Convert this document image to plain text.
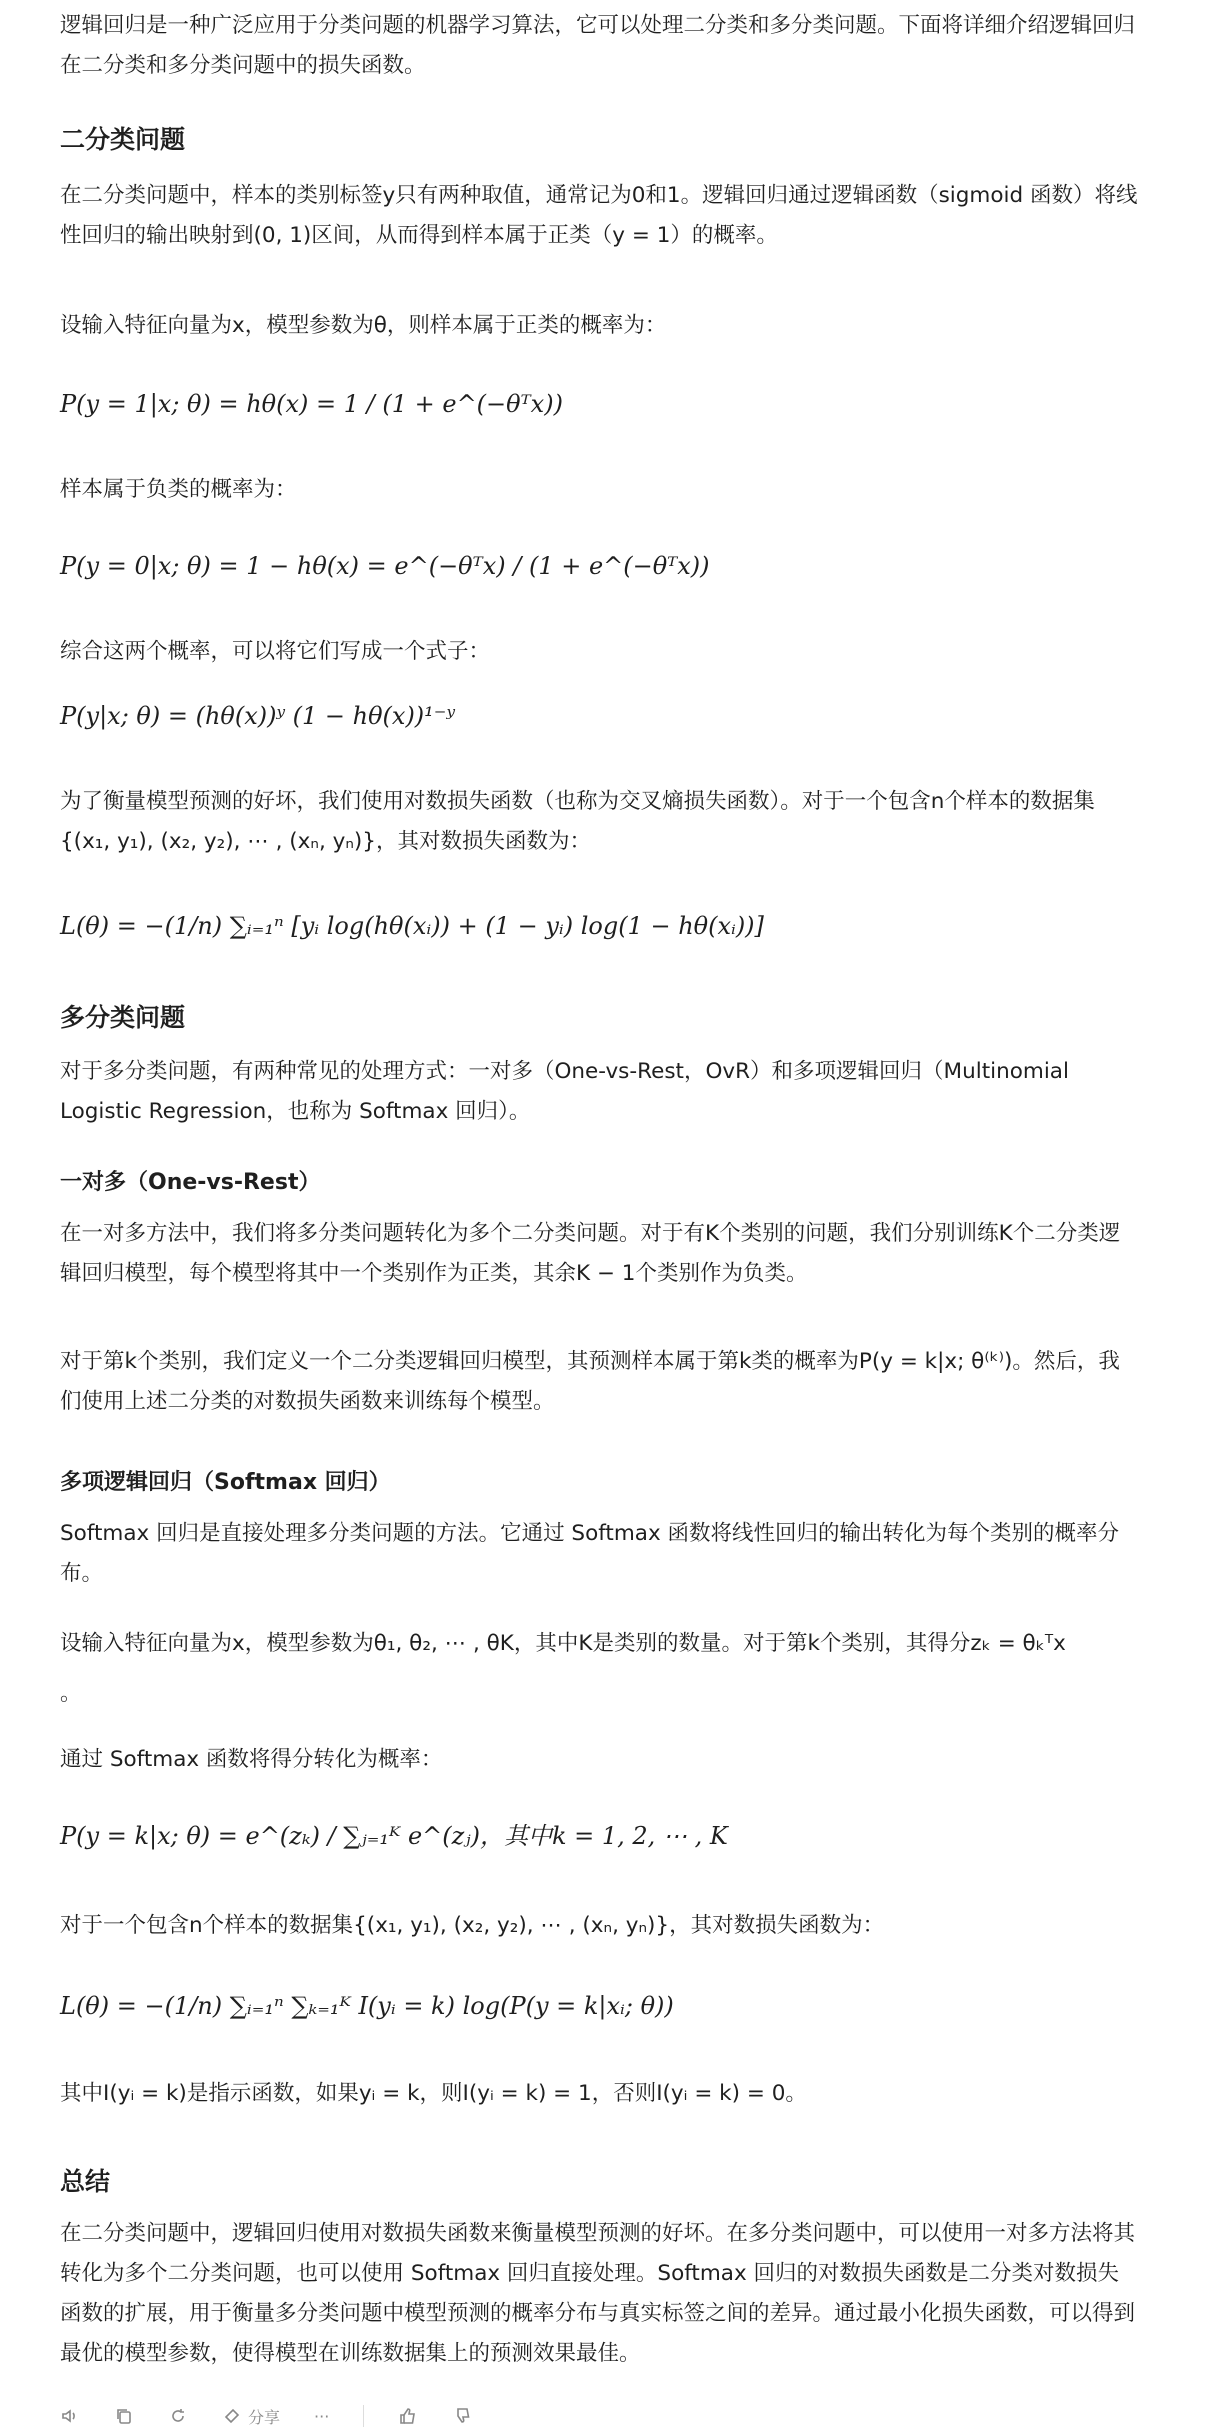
逻辑回归是一种广泛应用于分类问题的机器学习算法，它可以处理二分类和多分类问题。下面将详细介绍逻辑回归在二分类和多分类问题中的损失函数。

二分类问题

在二分类问题中，样本的类别标签y只有两种取值，通常记为0和1。逻辑回归通过逻辑函数（sigmoid 函数）将线性回归的输出映射到(0, 1)区间，从而得到样本属于正类（y = 1）的概率。

设输入特征向量为x，模型参数为θ，则样本属于正类的概率为：

P(y = 1|x; θ) = hθ(x) = 1 / (1 + e^(−θᵀx))

样本属于负类的概率为：

P(y = 0|x; θ) = 1 − hθ(x) = e^(−θᵀx) / (1 + e^(−θᵀx))

综合这两个概率，可以将它们写成一个式子：

P(y|x; θ) = (hθ(x))ʸ (1 − hθ(x))¹⁻ʸ

为了衡量模型预测的好坏，我们使用对数损失函数（也称为交叉熵损失函数）。对于一个包含n个样本的数据集{(x₁, y₁), (x₂, y₂), ⋯ , (xₙ, yₙ)}，其对数损失函数为：

L(θ) = −(1/n) ∑ᵢ₌₁ⁿ [yᵢ log(hθ(xᵢ)) + (1 − yᵢ) log(1 − hθ(xᵢ))]
多分类问题

对于多分类问题，有两种常见的处理方式：一对多（One-vs-Rest，OvR）和多项逻辑回归（Multinomial Logistic Regression，也称为 Softmax 回归）。

一对多（One-vs-Rest）

在一对多方法中，我们将多分类问题转化为多个二分类问题。对于有K个类别的问题，我们分别训练K个二分类逻辑回归模型，每个模型将其中一个类别作为正类，其余K − 1个类别作为负类。

对于第k个类别，我们定义一个二分类逻辑回归模型，其预测样本属于第k类的概率为P(y = k|x; θ⁽ᵏ⁾)。然后，我们使用上述二分类的对数损失函数来训练每个模型。

多项逻辑回归（Softmax 回归）

Softmax 回归是直接处理多分类问题的方法。它通过 Softmax 函数将线性回归的输出转化为每个类别的概率分布。

设输入特征向量为x，模型参数为θ₁, θ₂, ⋯ , θK，其中K是类别的数量。对于第k个类别，其得分zₖ = θₖᵀx

。

通过 Softmax 函数将得分转化为概率：

P(y = k|x; θ) = e^(zₖ) / ∑ⱼ₌₁ᴷ e^(zⱼ)，其中k = 1, 2, ⋯ , K

对于一个包含n个样本的数据集{(x₁, y₁), (x₂, y₂), ⋯ , (xₙ, yₙ)}，其对数损失函数为：

L(θ) = −(1/n) ∑ᵢ₌₁ⁿ ∑ₖ₌₁ᴷ I(yᵢ = k) log(P(y = k|xᵢ; θ))

其中I(yᵢ = k)是指示函数，如果yᵢ = k，则I(yᵢ = k) = 1，否则I(yᵢ = k) = 0。

总结

在二分类问题中，逻辑回归使用对数损失函数来衡量模型预测的好坏。在多分类问题中，可以使用一对多方法将其转化为多个二分类问题，也可以使用 Softmax 回归直接处理。Softmax 回归的对数损失函数是二分类对数损失函数的扩展，用于衡量多分类问题中模型预测的概率分布与真实标签之间的差异。通过最小化损失函数，可以得到最优的模型参数，使得模型在训练数据集上的预测效果最佳。

分享 ···
